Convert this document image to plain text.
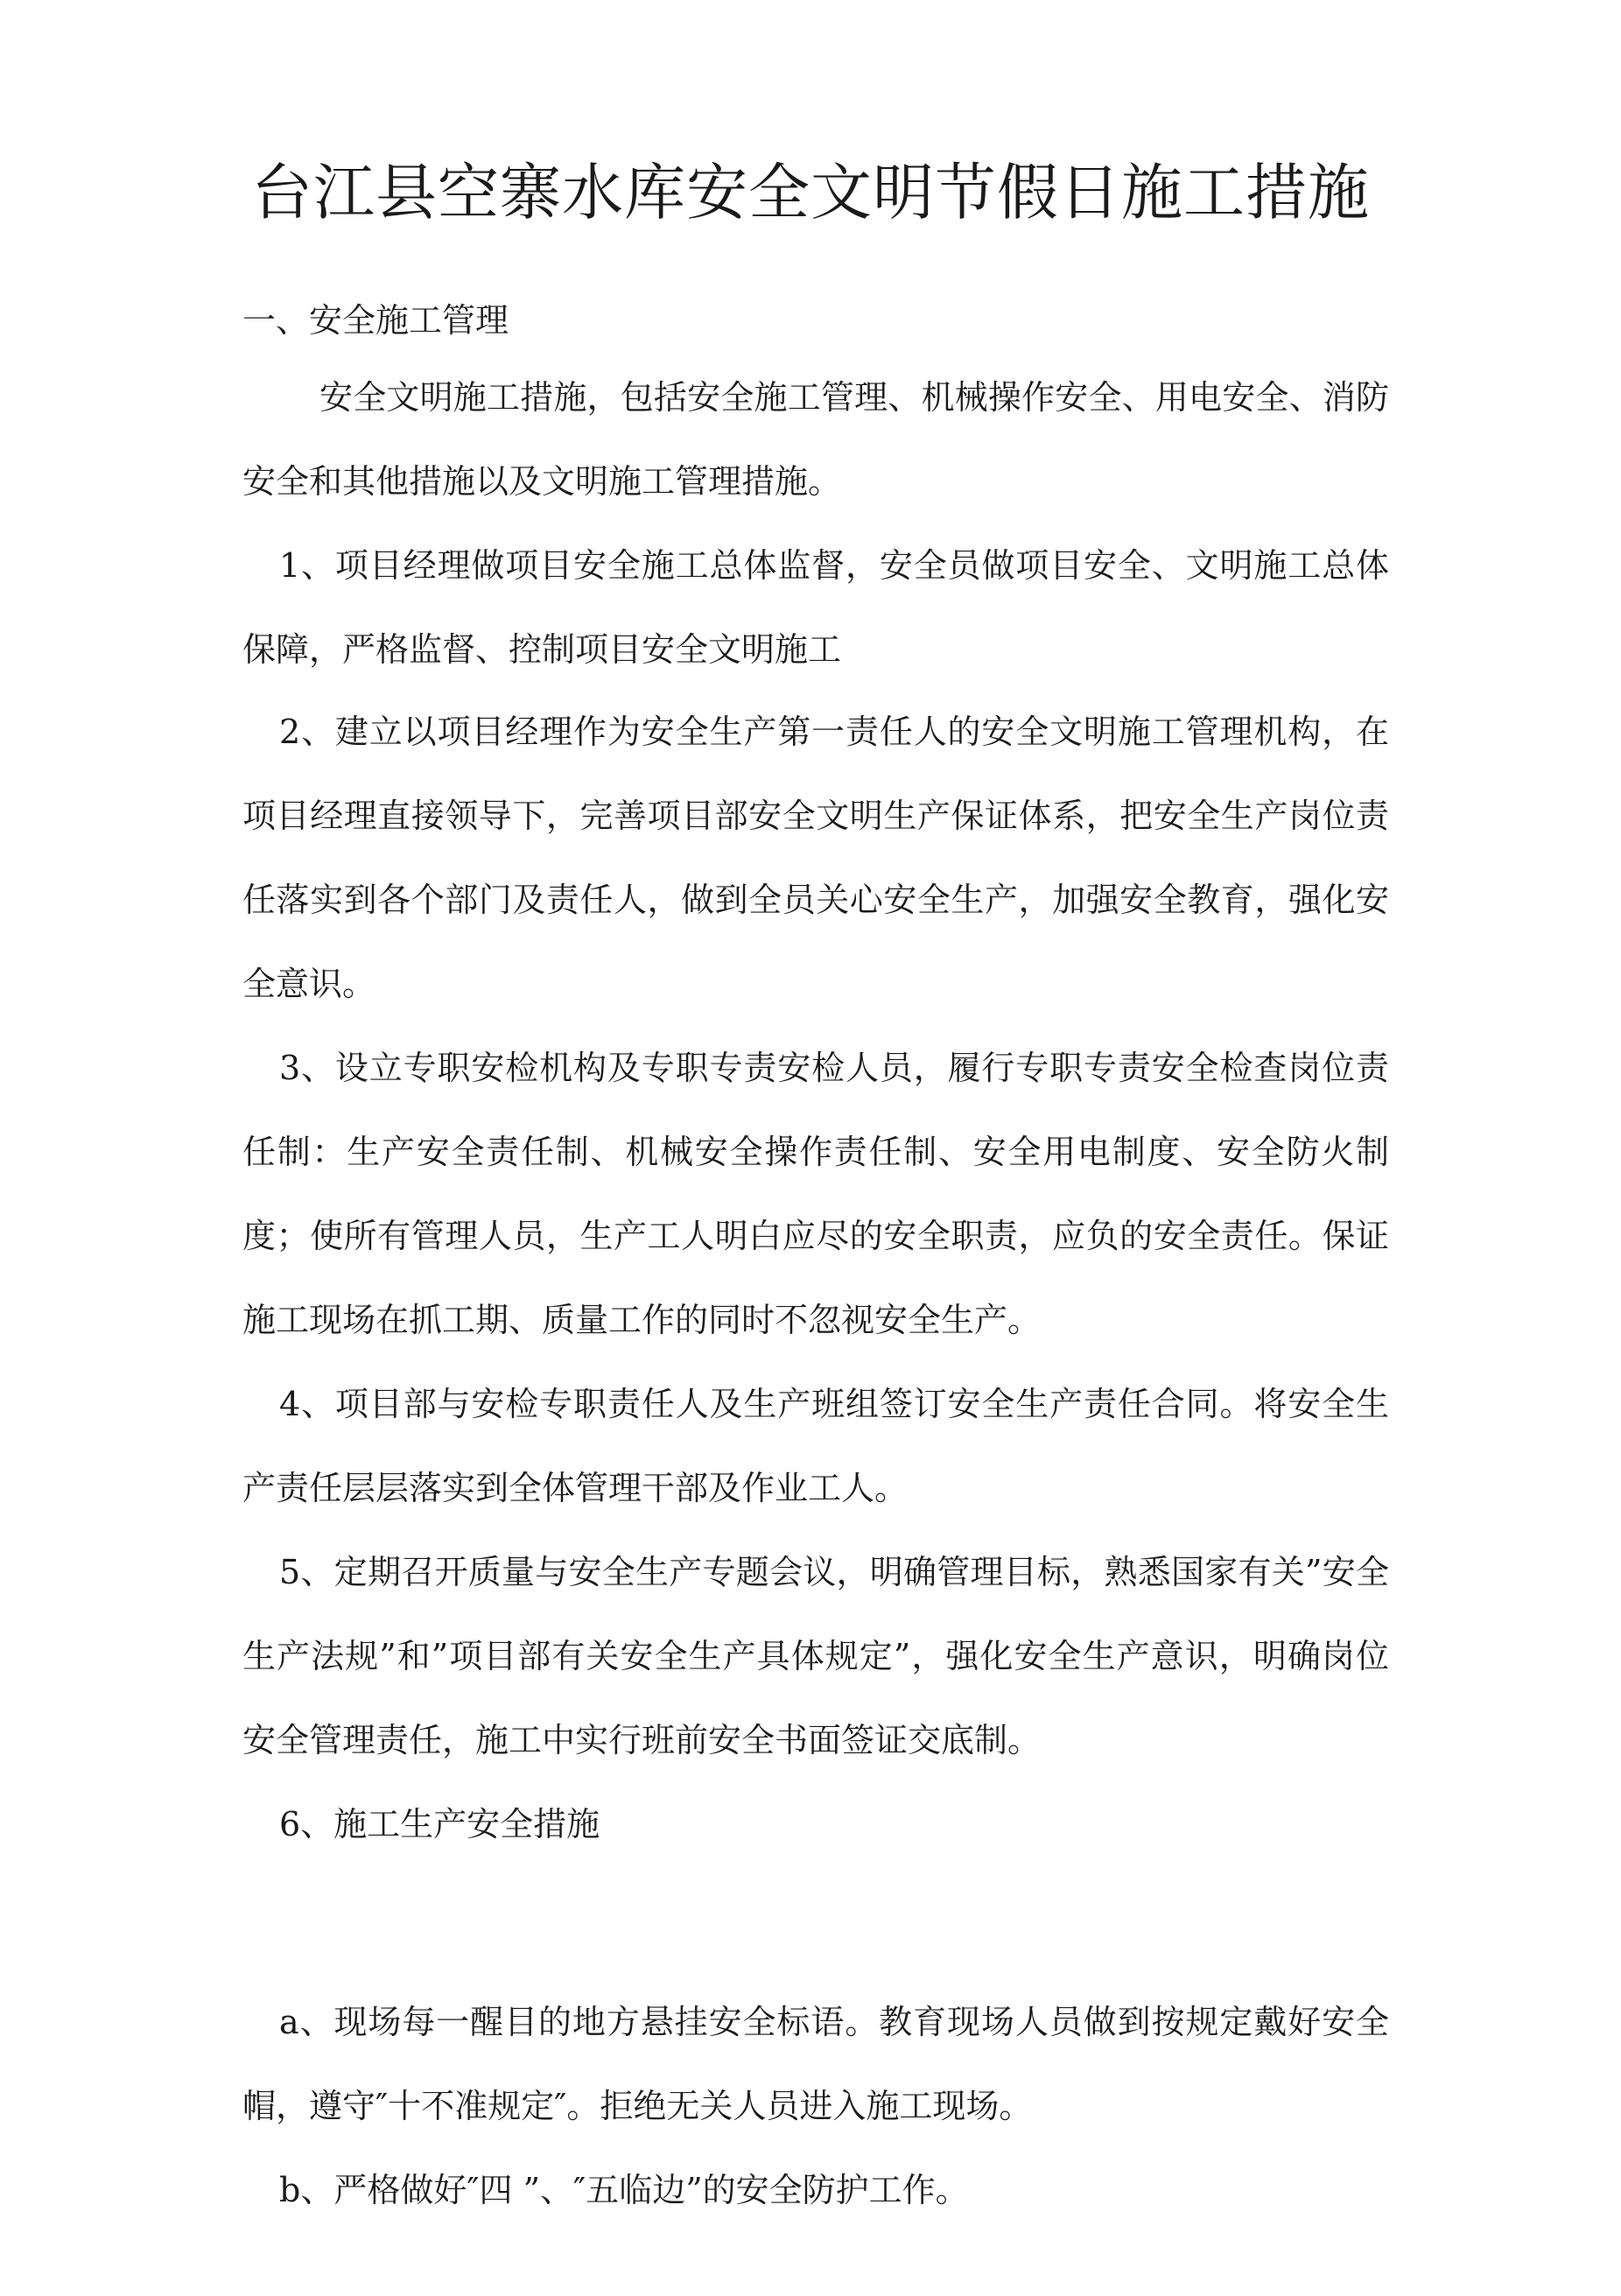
台江县空寨水库安全文明节假日施工措施

一、安全施工管理

安全文明施工措施，包括安全施工管理、机械操作安全、用电安全、消防安全和其他措施以及文明施工管理措施。

1、项目经理做项目安全施工总体监督，安全员做项目安全、文明施工总体保障，严格监督、控制项目安全文明施工

2、建立以项目经理作为安全生产第一责任人的安全文明施工管理机构，在项目经理直接领导下，完善项目部安全文明生产保证体系，把安全生产岗位责任落实到各个部门及责任人，做到全员关心安全生产，加强安全教育，强化安全意识。

3、设立专职安检机构及专职专责安检人员，履行专职专责安全检查岗位责任制：生产安全责任制、机械安全操作责任制、安全用电制度、安全防火制度；使所有管理人员，生产工人明白应尽的安全职责，应负的安全责任。保证施工现场在抓工期、质量工作的同时不忽视安全生产。

4、项目部与安检专职责任人及生产班组签订安全生产责任合同。将安全生产责任层层落实到全体管理干部及作业工人。

5、定期召开质量与安全生产专题会议，明确管理目标，熟悉国家有关”安全生产法规”和”项目部有关安全生产具体规定”，强化安全生产意识，明确岗位安全管理责任，施工中实行班前安全书面签证交底制。

6、施工生产安全措施

a、现场每一醒目的地方悬挂安全标语。教育现场人员做到按规定戴好安全帽，遵守″十不准规定″。拒绝无关人员进入施工现场。

b、严格做好″四 ”、″五临边”的安全防护工作。
